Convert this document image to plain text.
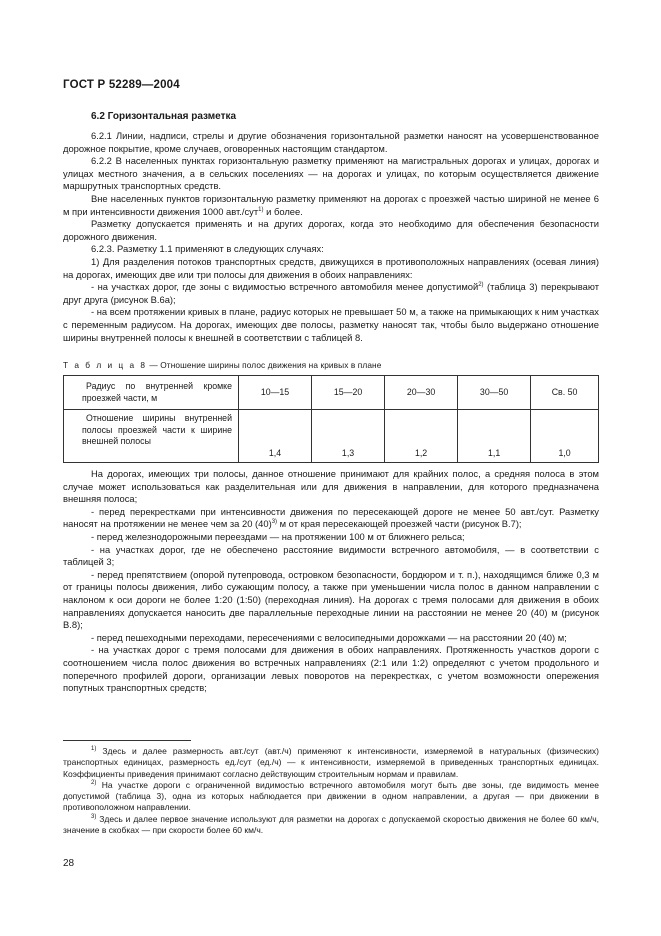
ГОСТ Р 52289—2004
6.2 Горизонтальная разметка

6.2.1 Линии, надписи, стрелы и другие обозначения горизонтальной разметки наносят на усовершенствованное дорожное покрытие, кроме случаев, оговоренных настоящим стандартом.

6.2.2 В населенных пунктах горизонтальную разметку применяют на магистральных дорогах и улицах, дорогах и улицах местного значения, а в сельских поселениях — на дорогах и улицах, по которым осуществляется движение маршрутных транспортных средств.

Вне населенных пунктов горизонтальную разметку применяют на дорогах с проезжей частью шириной не менее 6 м при интенсивности движения 1000 авт./сут$^{1)}$ и более.

Разметку допускается применять и на других дорогах, когда это необходимо для обеспечения безопасности дорожного движения.

6.2.3. Разметку 1.1 применяют в следующих случаях:

1) Для разделения потоков транспортных средств, движущихся в противоположных направлениях (осевая линия) на дорогах, имеющих две или три полосы для движения в обоих направлениях:

- на участках дорог, где зоны с видимостью встречного автомобиля менее допустимой$^{2)}$ (таблица 3) перекрывают друг друга (рисунок В.6а);

- на всем протяжении кривых в плане, радиус которых не превышает 50 м, а также на примыкающих к ним участках с переменным радиусом. На дорогах, имеющих две полосы, разметку наносят так, чтобы было выдержано отношение ширины внутренней полосы к внешней в соответствии с таблицей 8.

Т а б л и ц а 8 — Отношение ширины полос движения на кривых в плане

Радиус по внутренней кромке проезжей части, м	10—15	15—20	20—30	30—50	Св. 50

Отношение ширины внутренней полосы проезжей части к ширине внешней полосы	1,4	1,3	1,2	1,1	1,0

На дорогах, имеющих три полосы, данное отношение принимают для крайних полос, а средняя полоса в этом случае может использоваться как разделительная или для движения в направлении, для которого предназначена внешняя полоса;

- перед перекрестками при интенсивности движения по пересекающей дороге не менее 50 авт./сут. Разметку наносят на протяжении не менее чем за 20 $(40)^{3)}$ м от края пересекающей проезжей части (рисунок В.7);

- перед железнодорожными переездами — на протяжении 100 м от ближнего рельса;

- на участках дорог, где не обеспечено расстояние видимости встречного автомобиля, — в соответствии с таблицей 3;

- перед препятствием (опорой путепровода, островком безопасности, бордюром и т. п.), находящимся ближе 0,3 м от границы полосы движения, либо сужающим полосу, а также при уменьшении числа полос в данном направлении с наклоном к оси дороги не более 1:20 (1:50) (переходная линия). На дорогах с тремя полосами для движения в обоих направлениях допускается наносить две параллельные переходные линии на расстоянии не менее 20 (40) м (рисунок В.8);

- перед пешеходными переходами, пересечениями с велосипедными дорожками — на расстоянии 20 (40) м;

- на участках дорог с тремя полосами для движения в обоих направлениях. Протяженность участков дороги с соотношением числа полос движения во встречных направлениях (2:1 или 1:2) определяют с учетом продольного и поперечного профилей дороги, организации левых поворотов на перекрестках, с учетом возможности опережения попутных транспортных средств;

$^{1)}$ Здесь и далее размерность авт./сут (авт./ч) применяют к интенсивности, измеряемой в натуральных (физических) транспортных единицах, размерность ед./сут (ед./ч) — к интенсивности, измеряемой в приведенных транспортных единицах. Коэффициенты приведения принимают согласно действующим строительным нормам и правилам.

$^{2)}$ На участке дороги с ограниченной видимостью встречного автомобиля могут быть две зоны, где видимость менее допустимой (таблица 3), одна из которых наблюдается при движении в одном направлении, а другая — при движении в противоположном направлении.

$^{3)}$ Здесь и далее первое значение используют для разметки на дорогах с допускаемой скоростью движения не более 60 км/ч, значение в скобках — при скорости более 60 км/ч.

28
